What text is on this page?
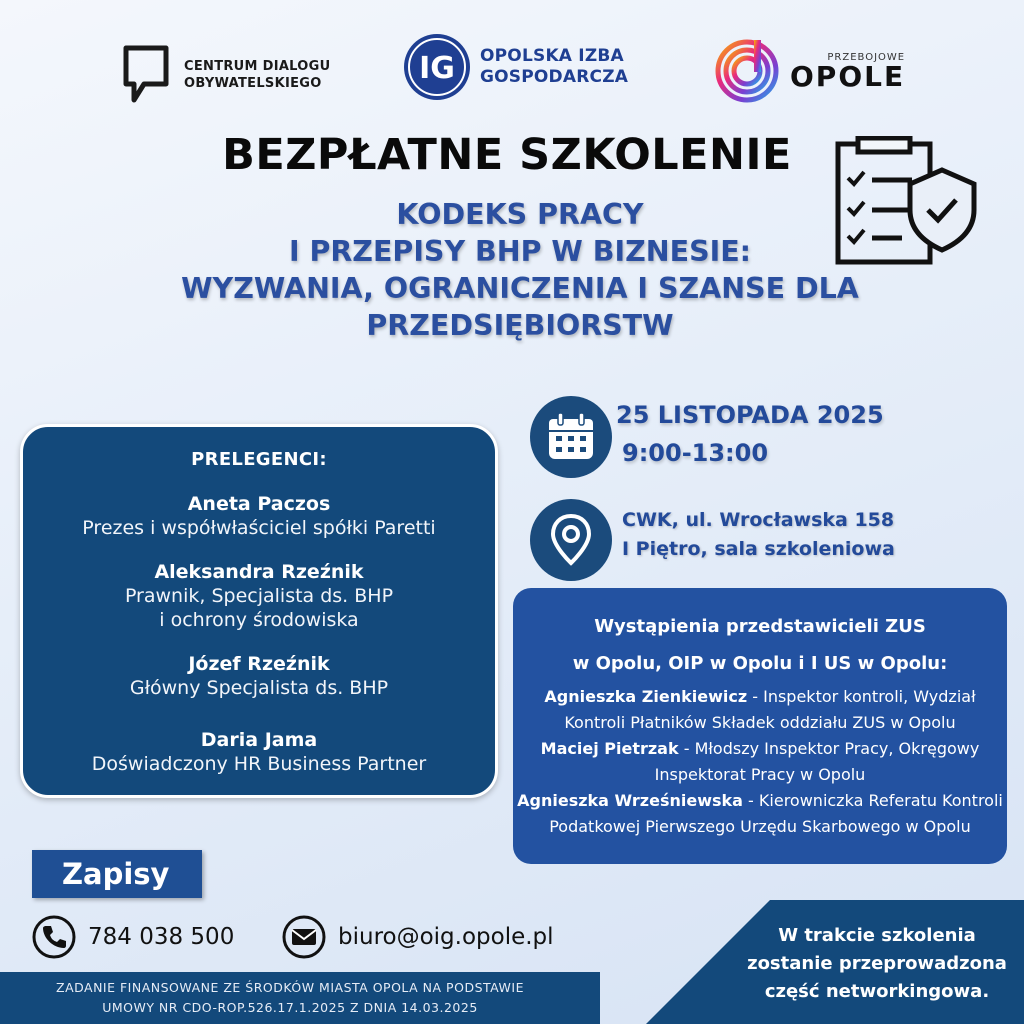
CENTRUM DIALOGU
OBYWATELSKIEGO	IG OPOLSKA IZBA
GOSPODARCZA
PRZEBOJOWE
OPOLE
BEZPŁATNE SZKOLENIE
KODEKS PRACY
I PRZEPISY BHP W BIZNESIE:
WYZWANIA, OGRANICZENIA I SZANSE DLA
PRZEDSIĘBIORSTW
PRELEGENCI:
Aneta Paczos
Prezes i współwłaściciel spółki Paretti
Aleksandra Rzeźnik
Prawnik, Specjalista ds. BHP
i ochrony środowiska
Józef Rzeźnik
Główny Specjalista ds. BHP
Daria Jama
Doświadczony HR Business Partner
25 LISTOPADA 2025
9:00-13:00
CWK, ul. Wrocławska 158
I Piętro, sala szkoleniowa
Wystąpienia przedstawicieli ZUS
w Opolu, OIP w Opolu i I US w Opolu:
Agnieszka Zienkiewicz - Inspektor kontroli, Wydział Kontroli Płatników Składek oddziału ZUS w Opolu
Maciej Pietrzak - Młodszy Inspektor Pracy, Okręgowy Inspektorat Pracy w Opolu
Agnieszka Wrześniewska - Kierowniczka Referatu Kontroli Podatkowej Pierwszego Urzędu Skarbowego w Opolu
Zapisy
784 038 500	biuro@oig.opole.pl
ZADANIE FINANSOWANE ZE ŚRODKÓW MIASTA OPOLA NA PODSTAWIE
UMOWY NR CDO-ROP.526.17.1.2025 Z DNIA 14.03.2025
W trakcie szkolenia
zostanie przeprowadzona
część networkingowa.
